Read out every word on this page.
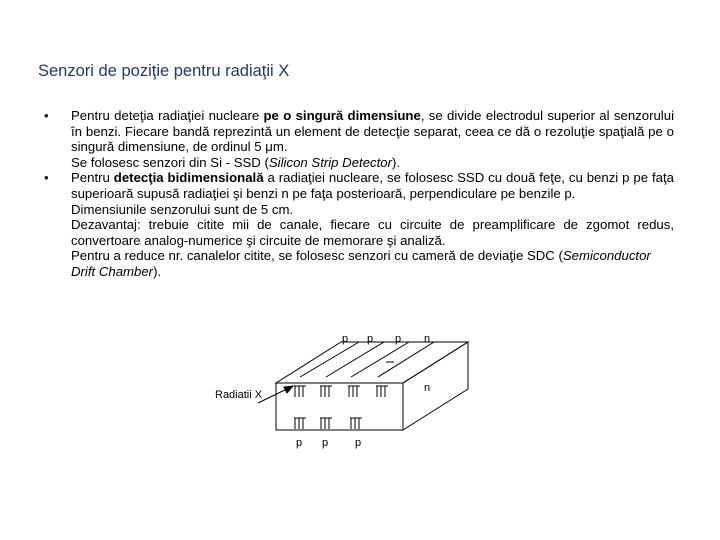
Senzori de poziţie pentru radiaţii X
•	Pentru deteţia radiaţiei nucleare pe o singură dimensiune, se divide electrodul superior al senzorului în benzi. Fiecare bandă reprezintă un element de detecţie separat, ceea ce dă o rezoluţie spaţială pe o singură dimensiune, de ordinul 5 μm.

Se folosesc senzori din Si - SSD (Silicon Strip Detector).

•	Pentru detecţia bidimensională a radiaţiei nucleare, se folosesc SSD cu două feţe, cu benzi p pe faţa superioară supusă radiaţiei şi benzi n pe faţa posterioară, perpendiculare pe benzile p.

Dimensiunile senzorului sunt de 5 cm.

Dezavantaj: trebuie citite mii de canale, fiecare cu circuite de preamplificare de zgomot redus, convertoare analog-numerice şi circuite de memorare şi analiză.

Pentru a reduce nr. canalelor citite, se folosesc senzori cu cameră de deviaţie SDC (Semiconductor Drift Chamber).

p p p n
n
Radiatii X
p p p
